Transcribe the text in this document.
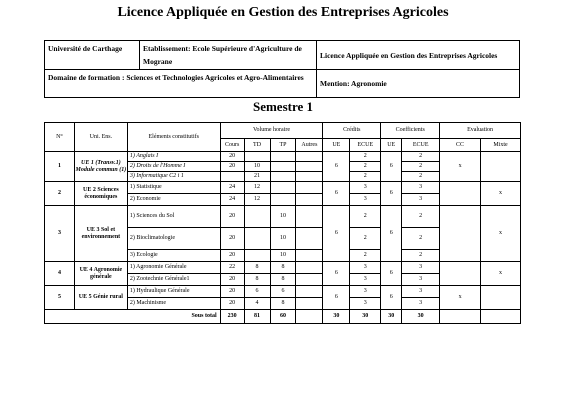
Licence Appliquée en Gestion des Entreprises Agricoles
Université de Carthage	Etablissement: Ecole Supérieure d'Agriculture de Mograne	Licence Appliquée en Gestion des Entreprises Agricoles
Domaine de formation : Sciences et Technologies Agricoles et Agro-Alimentaires		Mention: Agronomie
Semestre 1
N°	Uni. Ens.	Eléments constitutifs	Volume horaire				Crédits		Coefficients		Evaluation	
			Cours	TD	TP	Autres	UE	ECUE	UE	ECUE	CC	Mixte
1	UE 1 (Transv.1) Module commun (1)	1) Anglais I	20				6	2	6	2	x	
		2) Droits de l'Homme I	20	10				2		2		
		3) Informatique C2 i 1		21				2		2		
2	UE 2 Sciences économiques	1) Statistique	24	12			6	3	6	3		x
		2) Economie	24	12				3		3		
3	UE 3 Sol et environnement	1) Sciences du Sol	20		10		6	2	6	2		x
		2) Bioclimatologie	20		10			2		2		
		3) Ecologie	20		10			2		2		
4	UE 4 Agronomie générale	1) Agronomie Générale	22	8	8		6	3	6	3		x
		2) Zootechnie Générale1	20	8	8			3		3		
5	UE 5 Génie rural	1) Hydraulique Générale	20	6	6		6	3	6	3	x	
		2) Machinisme	20	4	8			3		3		
		Sous total	230	81	60		30	30	30	30		
